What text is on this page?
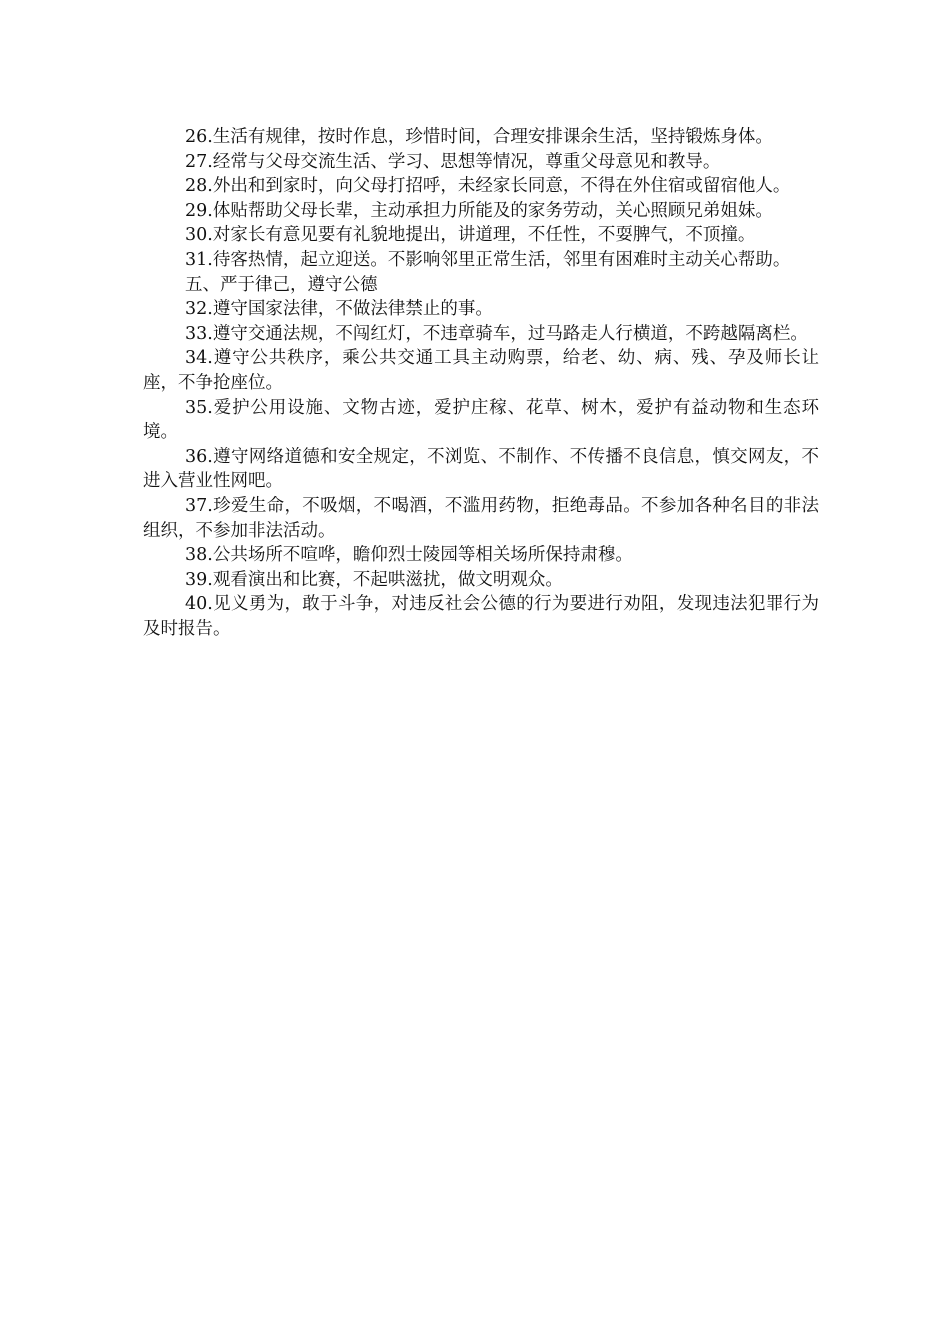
26.生活有规律，按时作息，珍惜时间，合理安排课余生活，坚持锻炼身体。

27.经常与父母交流生活、学习、思想等情况，尊重父母意见和教导。

28.外出和到家时，向父母打招呼，未经家长同意，不得在外住宿或留宿他人。

29.体贴帮助父母长辈，主动承担力所能及的家务劳动，关心照顾兄弟姐妹。

30.对家长有意见要有礼貌地提出，讲道理，不任性，不耍脾气，不顶撞。

31.待客热情，起立迎送。不影响邻里正常生活，邻里有困难时主动关心帮助。

五、严于律己，遵守公德

32.遵守国家法律，不做法律禁止的事。

33.遵守交通法规，不闯红灯，不违章骑车，过马路走人行横道，不跨越隔离栏。

34.遵守公共秩序，乘公共交通工具主动购票，给老、幼、病、残、孕及师长让座，不争抢座位。

35.爱护公用设施、文物古迹，爱护庄稼、花草、树木，爱护有益动物和生态环境。

36.遵守网络道德和安全规定，不浏览、不制作、不传播不良信息，慎交网友，不进入营业性网吧。

37.珍爱生命，不吸烟，不喝酒，不滥用药物，拒绝毒品。不参加各种名目的非法组织，不参加非法活动。

38.公共场所不喧哗，瞻仰烈士陵园等相关场所保持肃穆。

39.观看演出和比赛，不起哄滋扰，做文明观众。

40.见义勇为，敢于斗争，对违反社会公德的行为要进行劝阻，发现违法犯罪行为及时报告。
